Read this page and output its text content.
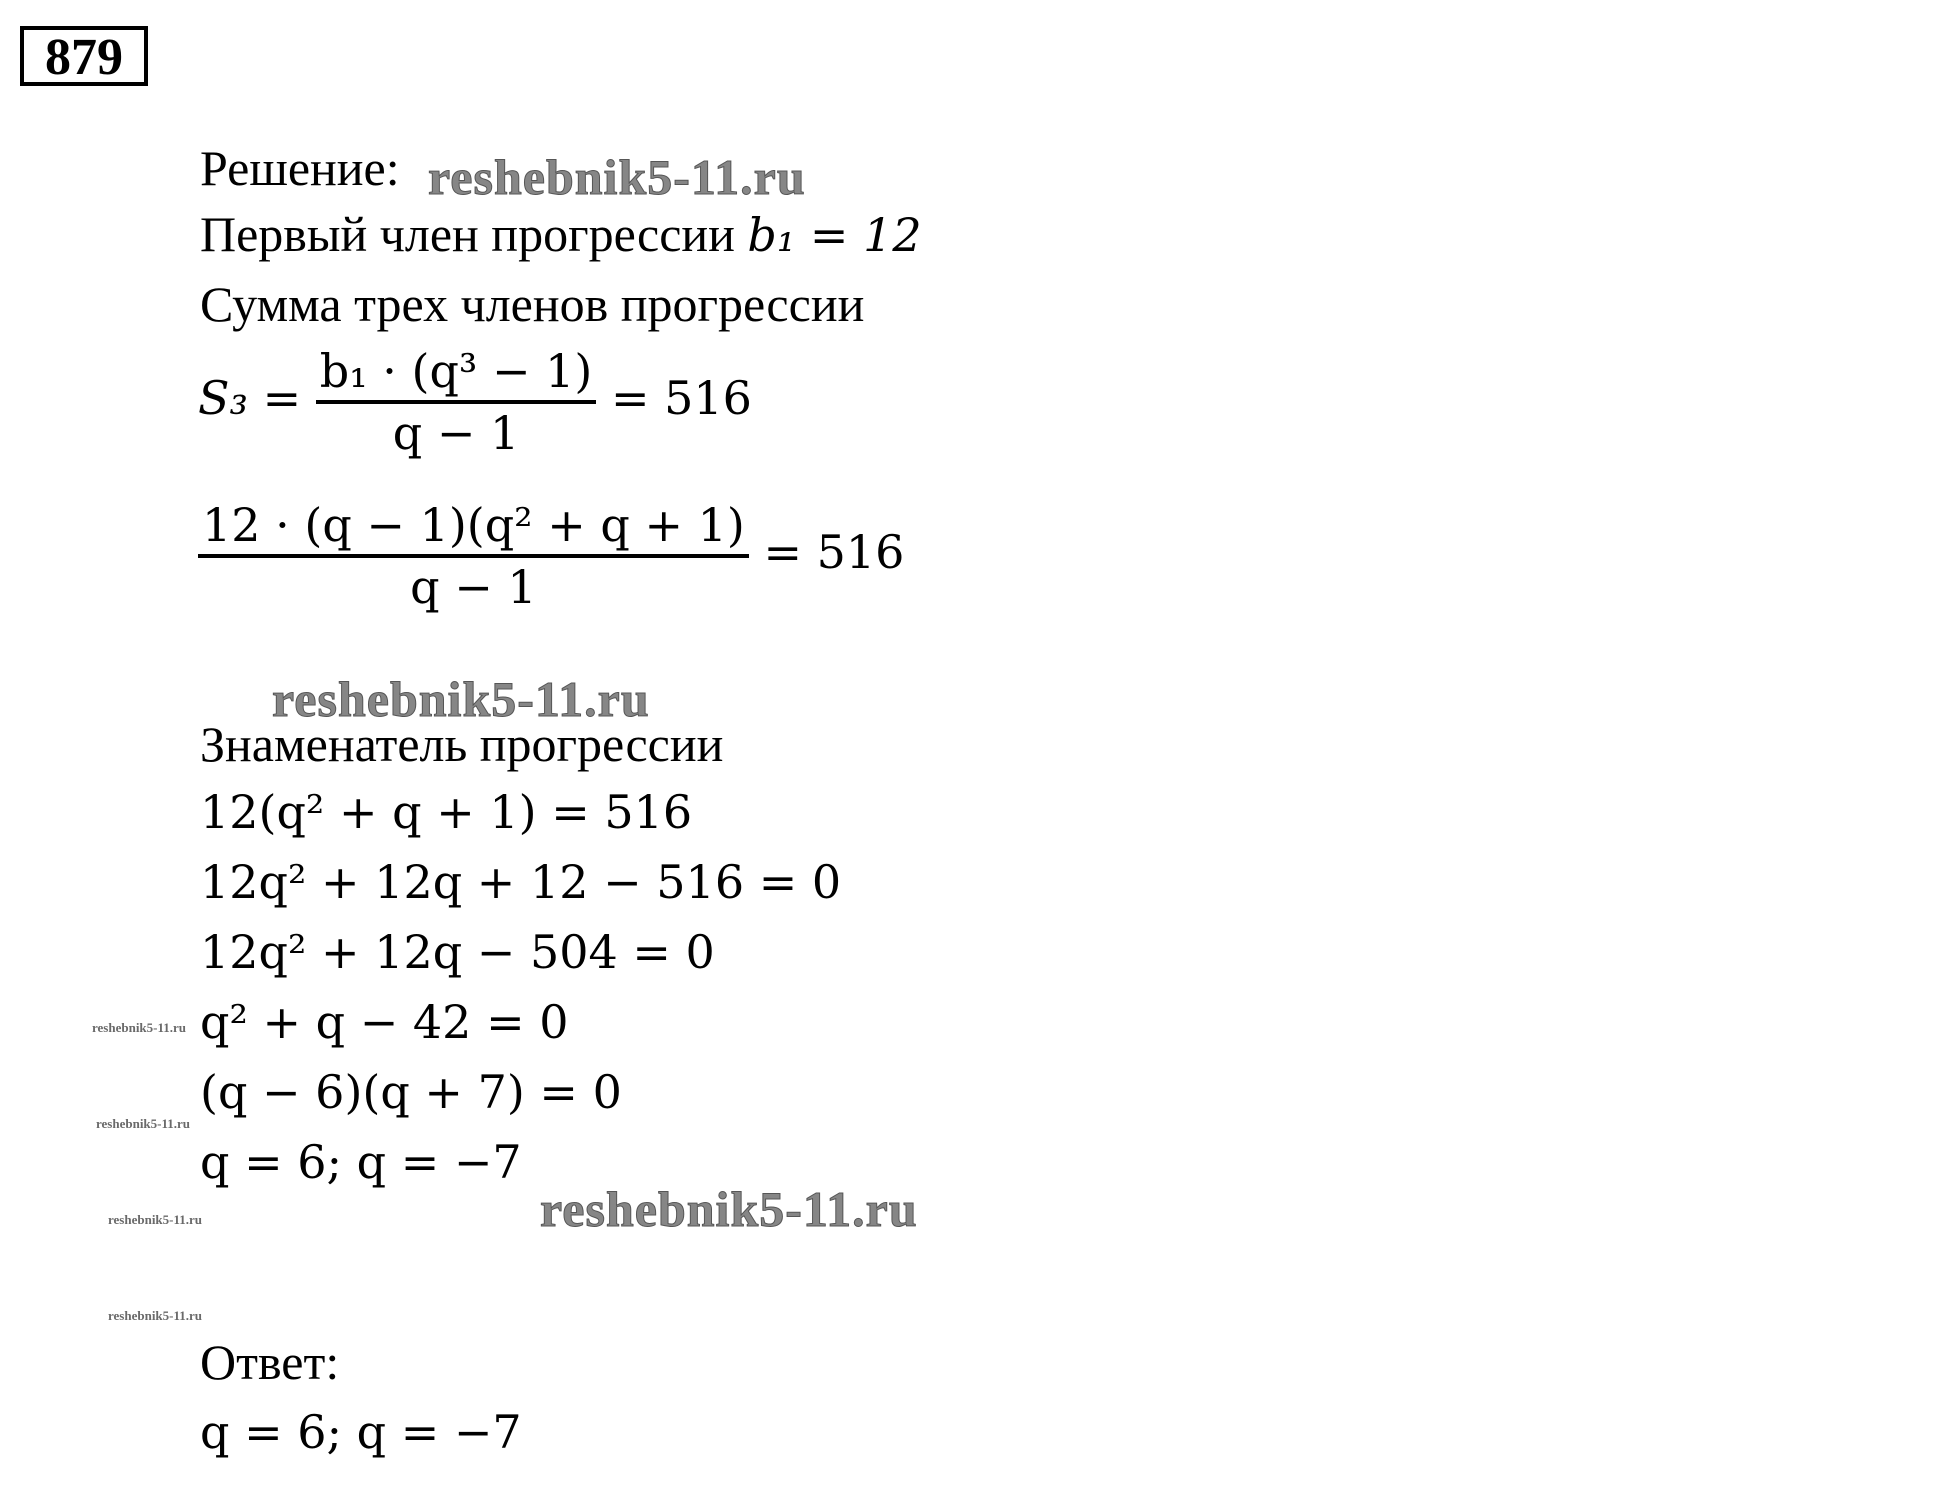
879
Решение:
Первый член прогрессии b₁ = 12
Сумма трех членов прогрессии
$S_3 = \frac{\text{b₁ · (q³ − 1)}}{q - 1} = 516$
$\frac{\text{12 · (q − 1)(q² + q + 1)}}{q - 1} = 516$
Знаменатель прогрессии
12(q² + q + 1) = 516
12q² + 12q + 12 − 516 = 0
12q² + 12q − 504 = 0
q² + q − 42 = 0
(q − 6)(q + 7) = 0
q = 6; q = −7
Ответ:
q = 6; q = −7
reshebnik5-11.ru
reshebnik5-11.ru
reshebnik5-11.ru
reshebnik5-11.ru
reshebnik5-11.ru
reshebnik5-11.ru
reshebnik5-11.ru
